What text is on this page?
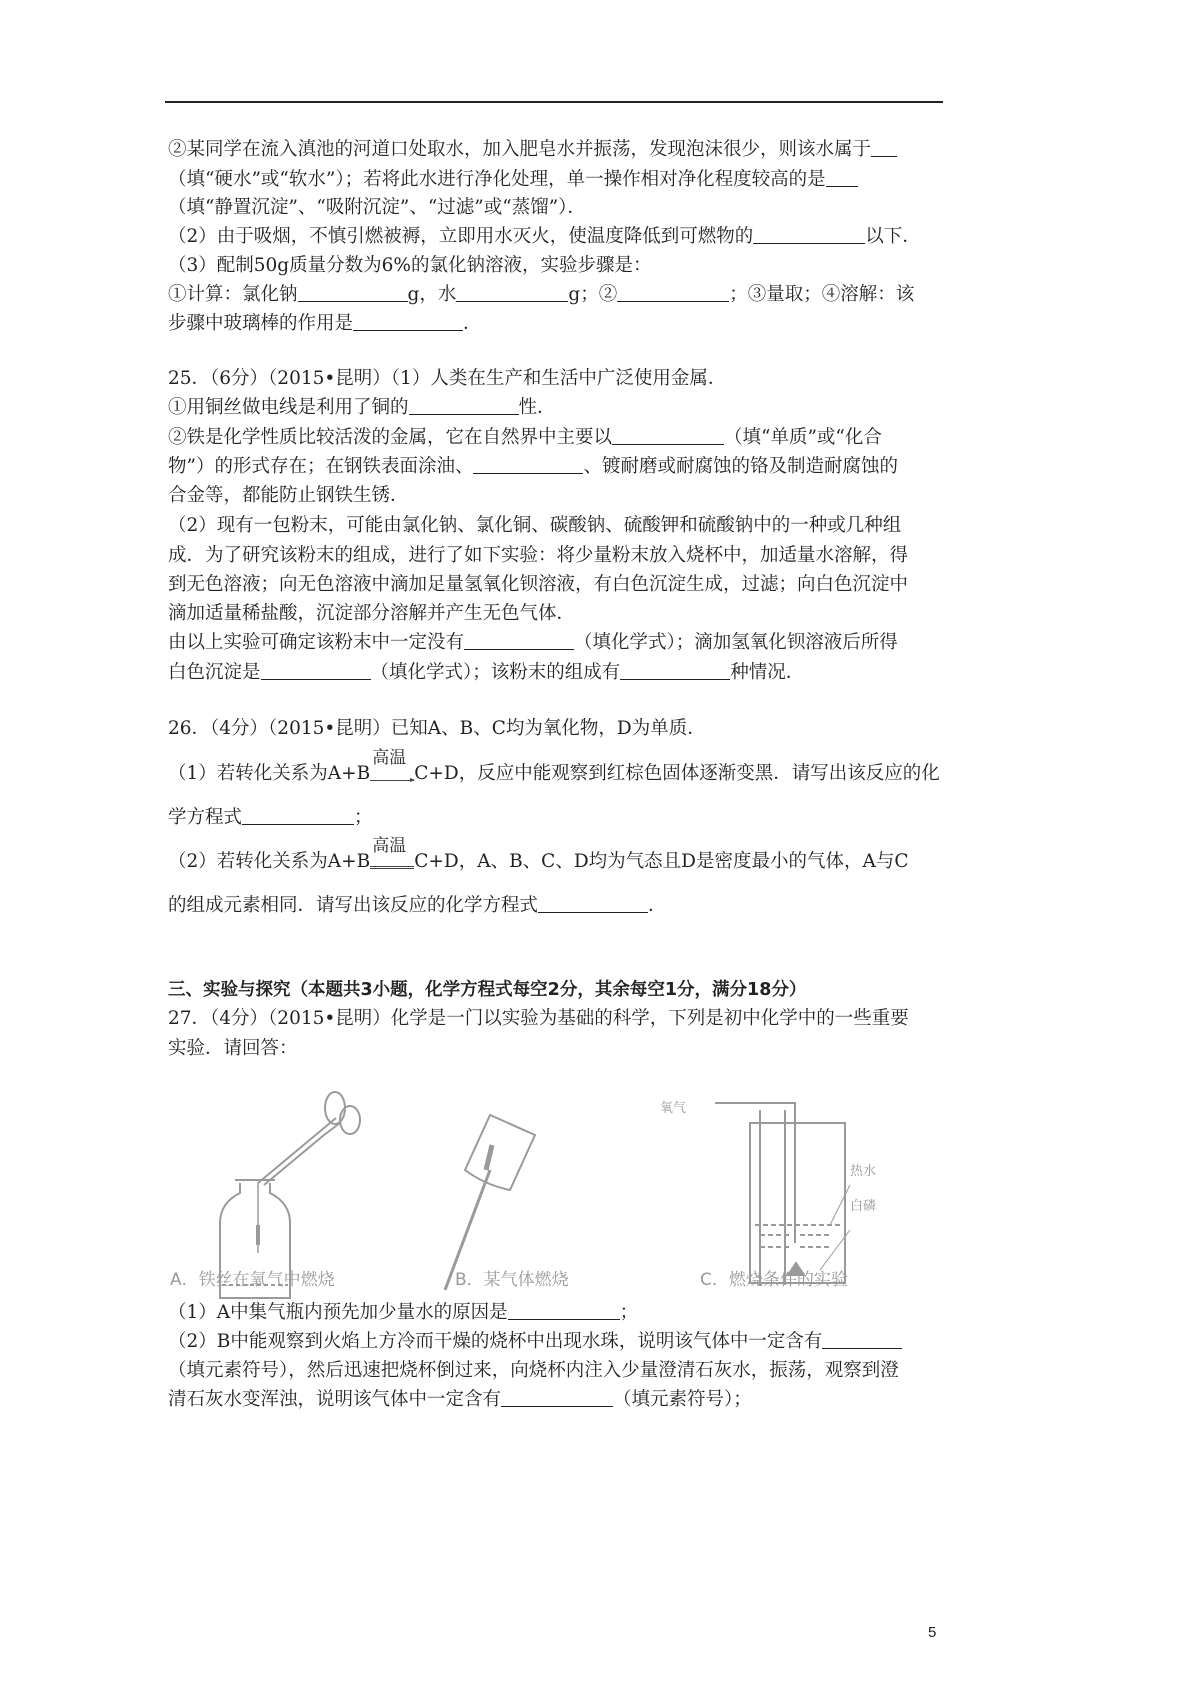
②某同学在流入滇池的河道口处取水，加入肥皂水并振荡，发现泡沫很少，则该水属于
（填“硬水”或“软水”）；若将此水进行净化处理，单一操作相对净化程度较高的是
（填“静置沉淀”、“吸附沉淀”、“过滤”或“蒸馏”）．
（2）由于吸烟，不慎引燃被褥，立即用水灭火，使温度降低到可燃物的	以下．
（3）配制50g质量分数为6%的氯化钠溶液，实验步骤是：
①计算：氯化钠	g，水	g；②	；③量取；④溶解：该
步骤中玻璃棒的作用是	．
25．（6分）（2015•昆明）（1）人类在生产和生活中广泛使用金属．
①用铜丝做电线是利用了铜的	性．
②铁是化学性质比较活泼的金属，它在自然界中主要以	（填“单质”或“化合
物”）的形式存在；在钢铁表面涂油、	、镀耐磨或耐腐蚀的铬及制造耐腐蚀的
合金等，都能防止钢铁生锈．
（2）现有一包粉末，可能由氯化钠、氯化铜、碳酸钠、硫酸钾和硫酸钠中的一种或几种组
成．为了研究该粉末的组成，进行了如下实验：将少量粉末放入烧杯中，加适量水溶解，得
到无色溶液；向无色溶液中滴加足量氢氧化钡溶液，有白色沉淀生成，过滤；向白色沉淀中
滴加适量稀盐酸，沉淀部分溶解并产生无色气体．
由以上实验可确定该粉末中一定没有	（填化学式）；滴加氢氧化钡溶液后所得
白色沉淀是	（填化学式）；该粉末的组成有	种情况．
26．（4分）（2015•昆明）已知A、B、C均为氧化物，D为单质．
（1）若转化关系为A+B
高温
C+D，反应中能观察到红棕色固体逐渐变黑．请写出该反应的化
学方程式	；
（2）若转化关系为A+B
高温
C+D，A、B、C、D均为气态且D是密度最小的气体，A与C
的组成元素相同．请写出该反应的化学方程式	．
三、实验与探究（本题共3小题，化学方程式每空2分，其余每空1分，满分18分）
27．（4分）（2015•昆明）化学是一门以实验为基础的科学，下列是初中化学中的一些重要
实验．请回答：
（1）A中集气瓶内预先加少量水的原因是	；
（2）B中能观察到火焰上方冷而干燥的烧杯中出现水珠，说明该气体中一定含有
（填元素符号），然后迅速把烧杯倒过来，向烧杯内注入少量澄清石灰水，振荡，观察到澄
清石灰水变浑浊，说明该气体中一定含有	（填元素符号）；
氧气
热水
白磷
A．铁丝在氧气中燃烧	B．某气体燃烧	C．燃烧条件的实验
5
